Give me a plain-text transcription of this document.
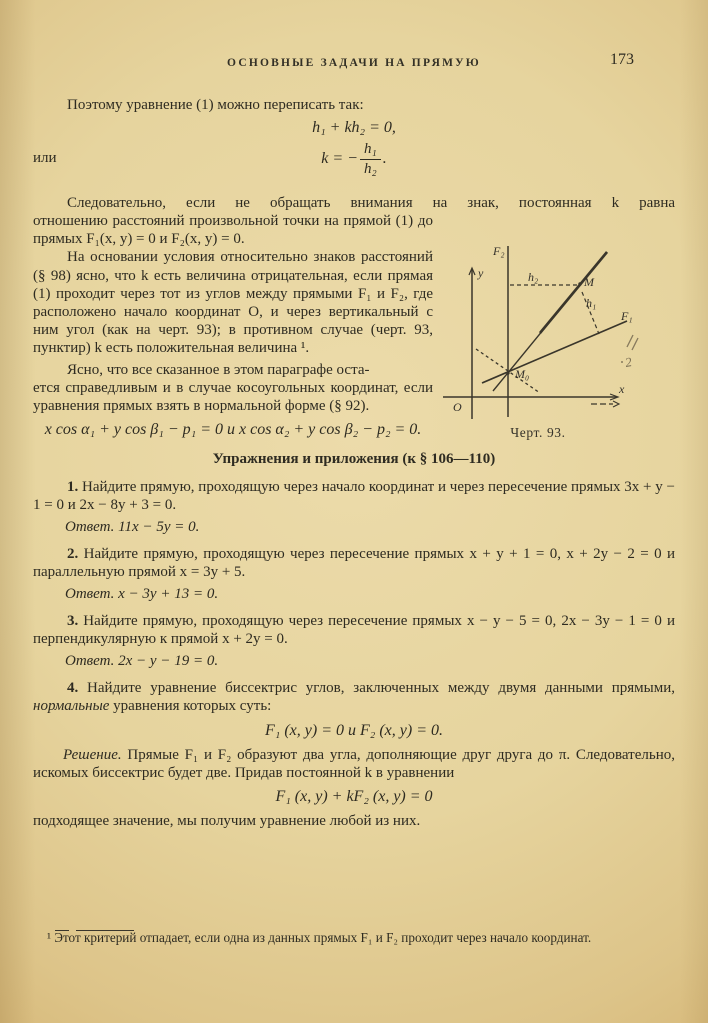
ОСНОВНЫЕ ЗАДАЧИ НА ПРЯМУЮ	173

Поэтому уравнение (1) можно переписать так:

h₁ + kh₂ = 0,
или	k = − $\frac{\text{h₁}}{\text{h₂}}$ .

Следовательно, если не обращать внимания на знак, постоянная k равна

отношению расстояний произвольной точки на прямой (1) до прямых F₁(x, y) = 0 и F₂(x, y) = 0.

На основании условия относительно знаков расстояний (§ 98) ясно, что k есть величина отрицательная, если прямая (1) проходит через тот из углов между прямыми F₁ и F₂, где расположено начало координат O, и через вертикальный с ним угол (как на черт. 93); в противном случае (черт. 93, пунктир) k есть положительная величина ¹.

Ясно, что все сказанное в этом параграфе оста-
ется справедливым и в случае косоугольных координат, если уравнения прямых взять в нормальной форме (§ 92).

x cos α₁ + y cos β₁ − p₁ = 0 и x cos α₂ + y cos β₂ − p₂ = 0.
Упражнения и приложения (к § 106—110)

1. Найдите прямую, проходящую через начало координат и через пересечение прямых 3x + y − 1 = 0 и 2x − 8y + 3 = 0.

Ответ. 11x − 5y = 0.

2. Найдите прямую, проходящую через пересечение прямых x + y + 1 = 0, x + 2y − 2 = 0 и параллельную прямой x = 3y + 5.

Ответ. x − 3y + 13 = 0.

3. Найдите прямую, проходящую через пересечение прямых x − y − 5 = 0, 2x − 3y − 1 = 0 и перпендикулярную к прямой x + 2y = 0.

Ответ. 2x − y − 19 = 0.

4. Найдите уравнение биссектрис углов, заключенных между двумя данными прямыми, нормальные уравнения которых суть:

F₁ (x, y) = 0 и F₂ (x, y) = 0.

Решение. Прямые F₁ и F₂ образуют два угла, дополняющие друг друга до π. Следовательно, искомых биссектрис будет две. Придав постоянной k в уравнении

F₁ (x, y) + kF₂ (x, y) = 0

подходящее значение, мы получим уравнение любой из них.

y
F₂
x
O
M
M₀
h₂
h₁
F₁
2
Черт. 93.
¹ Этот критерий отпадает, если одна из данных прямых F₁ и F₂ проходит через начало координат.
